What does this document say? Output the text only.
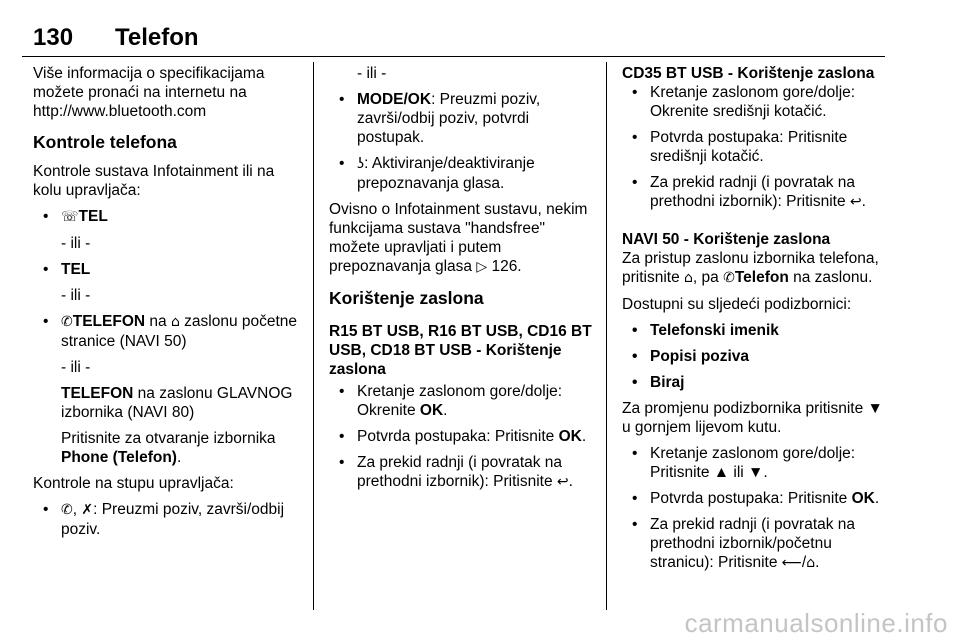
130 Telefon

Više informacija o specifikacijama možete pronaći na internetu na http://www.bluetooth.com

Kontrole telefona

Kontrole sustava Infotainment ili na kolu upravljača:

• ☏TEL

- ili -

• TEL

- ili -

• ✆TELEFON na ⌂ zaslonu početne stranice (NAVI 50)

- ili -

TELEFON na zaslonu GLAVNOG izbornika (NAVI 80)

Pritisnite za otvaranje izbornika Phone (Telefon).

Kontrole na stupu upravljača:

• ✆, ✗: Preuzmi poziv, završi/odbij poziv.

- ili -

• MODE/OK: Preuzmi poziv, završi/odbij poziv, potvrdi postupak.
• ʖ: Aktiviranje/deaktiviranje prepoznavanja glasa.

Ovisno o Infotainment sustavu, nekim funkcijama sustava "handsfree" možete upravljati i putem prepoznavanja glasa ▷ 126.

Korištenje zaslona

R15 BT USB, R16 BT USB, CD16 BT USB, CD18 BT USB - Korištenje zaslona

• Kretanje zaslonom gore/dolje: Okrenite OK.
• Potvrda postupaka: Pritisnite OK.
• Za prekid radnji (i povratak na prethodni izbornik): Pritisnite ↩.

CD35 BT USB - Korištenje zaslona

• Kretanje zaslonom gore/dolje: Okrenite središnji kotačić.
• Potvrda postupaka: Pritisnite središnji kotačić.
• Za prekid radnji (i povratak na prethodni izbornik): Pritisnite ↩.

NAVI 50 - Korištenje zaslona

Za pristup zaslonu izbornika telefona, pritisnite ⌂, pa ✆Telefon na zaslonu.

Dostupni su sljedeći podizbornici:

• Telefonski imenik
• Popisi poziva
• Biraj

Za promjenu podizbornika pritisnite ▼ u gornjem lijevom kutu.

• Kretanje zaslonom gore/dolje: Pritisnite ▲ ili ▼.
• Potvrda postupaka: Pritisnite OK.
• Za prekid radnji (i povratak na prethodni izbornik/početnu stranicu): Pritisnite ⟵/⌂.
carmanualsonline.info
